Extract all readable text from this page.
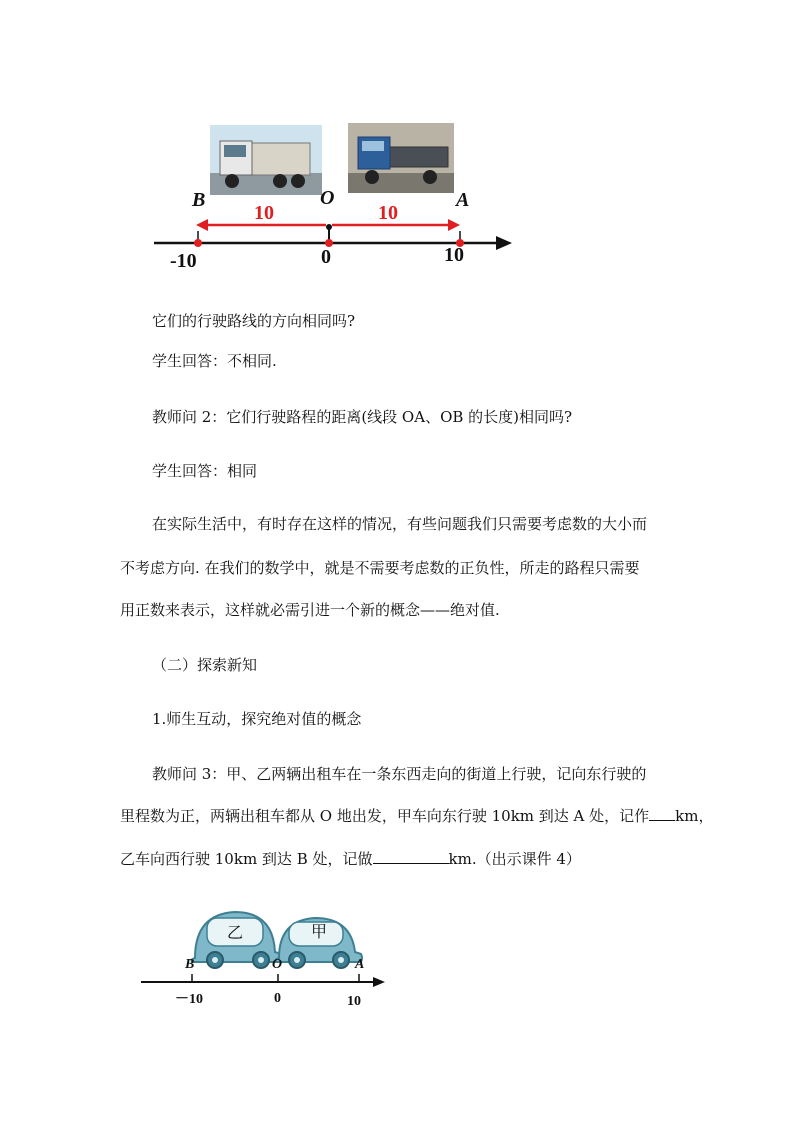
B	O	A
10	10
-10	0	10
它们的行驶路线的方向相同吗?
学生回答：不相同.
教师问 2：它们行驶路程的距离(线段 OA、OB 的长度)相同吗?
学生回答：相同
在实际生活中，有时存在这样的情况，有些问题我们只需要考虑数的大小而
不考虑方向. 在我们的数学中，就是不需要考虑数的正负性，所走的路程只需要
用正数来表示，这样就必需引进一个新的概念——绝对值.
（二）探索新知
1.师生互动，探究绝对值的概念
教师问 3：甲、乙两辆出租车在一条东西走向的街道上行驶，记向东行驶的
里程数为正，两辆出租车都从 O 地出发，甲车向东行驶 10km 到达 A 处，记作 km，
乙车向西行驶 10km 到达 B 处，记做	km.（出示课件 4）
乙	甲
B	O	A
－10	0	10
